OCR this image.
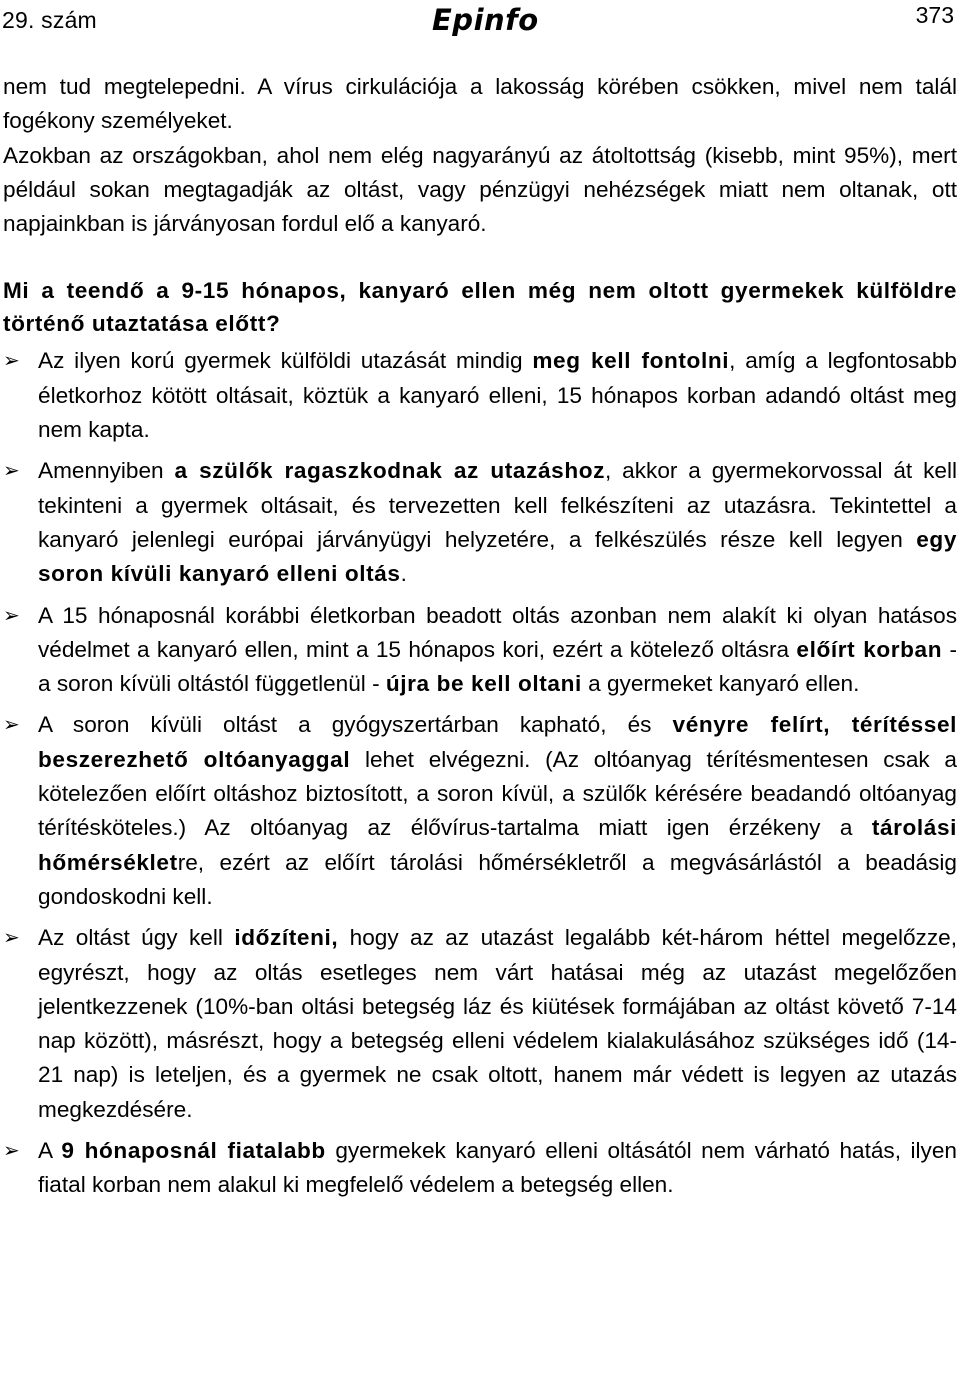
29. szám	Epinfo	373

nem tud megtelepedni. A vírus cirkulációja a lakosság körében csökken, mivel nem talál fogékony személyeket.

Azokban az országokban, ahol nem elég nagyarányú az átoltottság (kisebb, mint 95%), mert például sokan megtagadják az oltást, vagy pénzügyi nehézségek miatt nem oltanak, ott napjainkban is járványosan fordul elő a kanyaró.

Mi a teendő a 9-15 hónapos, kanyaró ellen még nem oltott gyermekek külföldre történő utaztatása előtt?

➢ Az ilyen korú gyermek külföldi utazását mindig meg kell fontolni, amíg a legfontosabb életkorhoz kötött oltásait, köztük a kanyaró elleni, 15 hónapos korban adandó oltást meg nem kapta.
➢ Amennyiben a szülők ragaszkodnak az utazáshoz, akkor a gyermekorvossal át kell tekinteni a gyermek oltásait, és tervezetten kell felkészíteni az utazásra. Tekintettel a kanyaró jelenlegi európai járványügyi helyzetére, a felkészülés része kell legyen egy soron kívüli kanyaró elleni oltás.
➢ A 15 hónaposnál korábbi életkorban beadott oltás azonban nem alakít ki olyan hatásos védelmet a kanyaró ellen, mint a 15 hónapos kori, ezért a kötelező oltásra előírt korban - a soron kívüli oltástól függetlenül - újra be kell oltani a gyermeket kanyaró ellen.
➢ A soron kívüli oltást a gyógyszertárban kapható, és vényre felírt, térítéssel beszerezhető oltóanyaggal lehet elvégezni. (Az oltóanyag térítésmentesen csak a kötelezően előírt oltáshoz biztosított, a soron kívül, a szülők kérésére beadandó oltóanyag térítésköteles.) Az oltóanyag az élővírus-tartalma miatt igen érzékeny a tárolási hőmérsékletre, ezért az előírt tárolási hőmérsékletről a megvásárlástól a beadásig gondoskodni kell.
➢ Az oltást úgy kell időzíteni, hogy az az utazást legalább két-három héttel megelőzze, egyrészt, hogy az oltás esetleges nem várt hatásai még az utazást megelőzően jelentkezzenek (10%-ban oltási betegség láz és kiütések formájában az oltást követő 7-14 nap között), másrészt, hogy a betegség elleni védelem kialakulásához szükséges idő (14-21 nap) is leteljen, és a gyermek ne csak oltott, hanem már védett is legyen az utazás megkezdésére.
➢ A 9 hónaposnál fiatalabb gyermekek kanyaró elleni oltásától nem várható hatás, ilyen fiatal korban nem alakul ki megfelelő védelem a betegség ellen.
